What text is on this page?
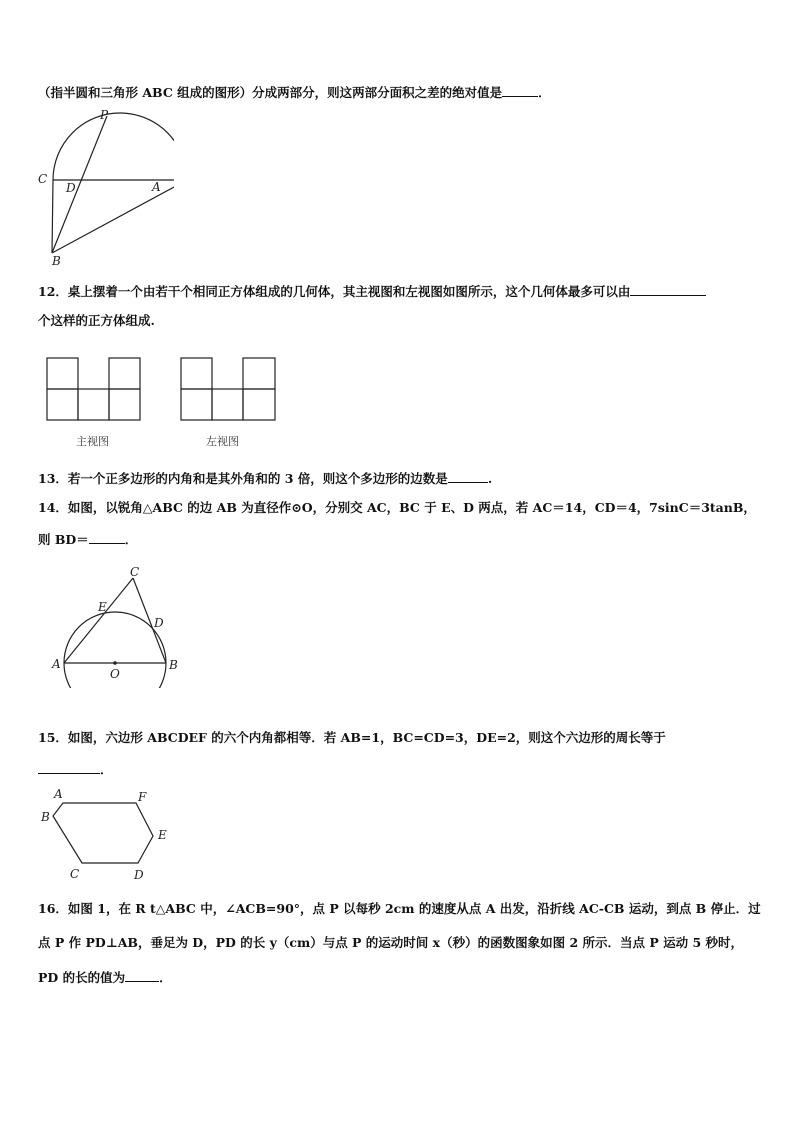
（指半圆和三角形 ABC 组成的图形）分成两部分，则这两部分面积之差的绝对值是	．
P
C
D	A
B
12．桌上摆着一个由若干个相同正方体组成的几何体，其主视图和左视图如图所示，这个几何体最多可以由
个这样的正方体组成.
主视图	左视图
13．若一个正多边形的内角和是其外角和的 3 倍，则这个多边形的边数是	.
14．如图，以锐角△ABC 的边 AB 为直径作⊙O，分别交 AC，BC 于 E、D 两点，若 AC＝14，CD＝4，7sinC＝3tanB，
则 BD＝	．
C
E
D
A	B
O
15．如图，六边形 ABCDEF 的六个内角都相等．若 AB=1，BC=CD=3，DE=2，则这个六边形的周长等于
．
A	F
B
E
C	D
16．如图 1，在 R t△ABC 中，∠ACB=90°，点 P 以每秒 2cm 的速度从点 A 出发，沿折线 AC-CB 运动，到点 B 停止．过
点 P 作 PD⊥AB，垂足为 D，PD 的长 y（cm）与点 P 的运动时间 x（秒）的函数图象如图 2 所示．当点 P 运动 5 秒时，
PD 的长的值为	．
